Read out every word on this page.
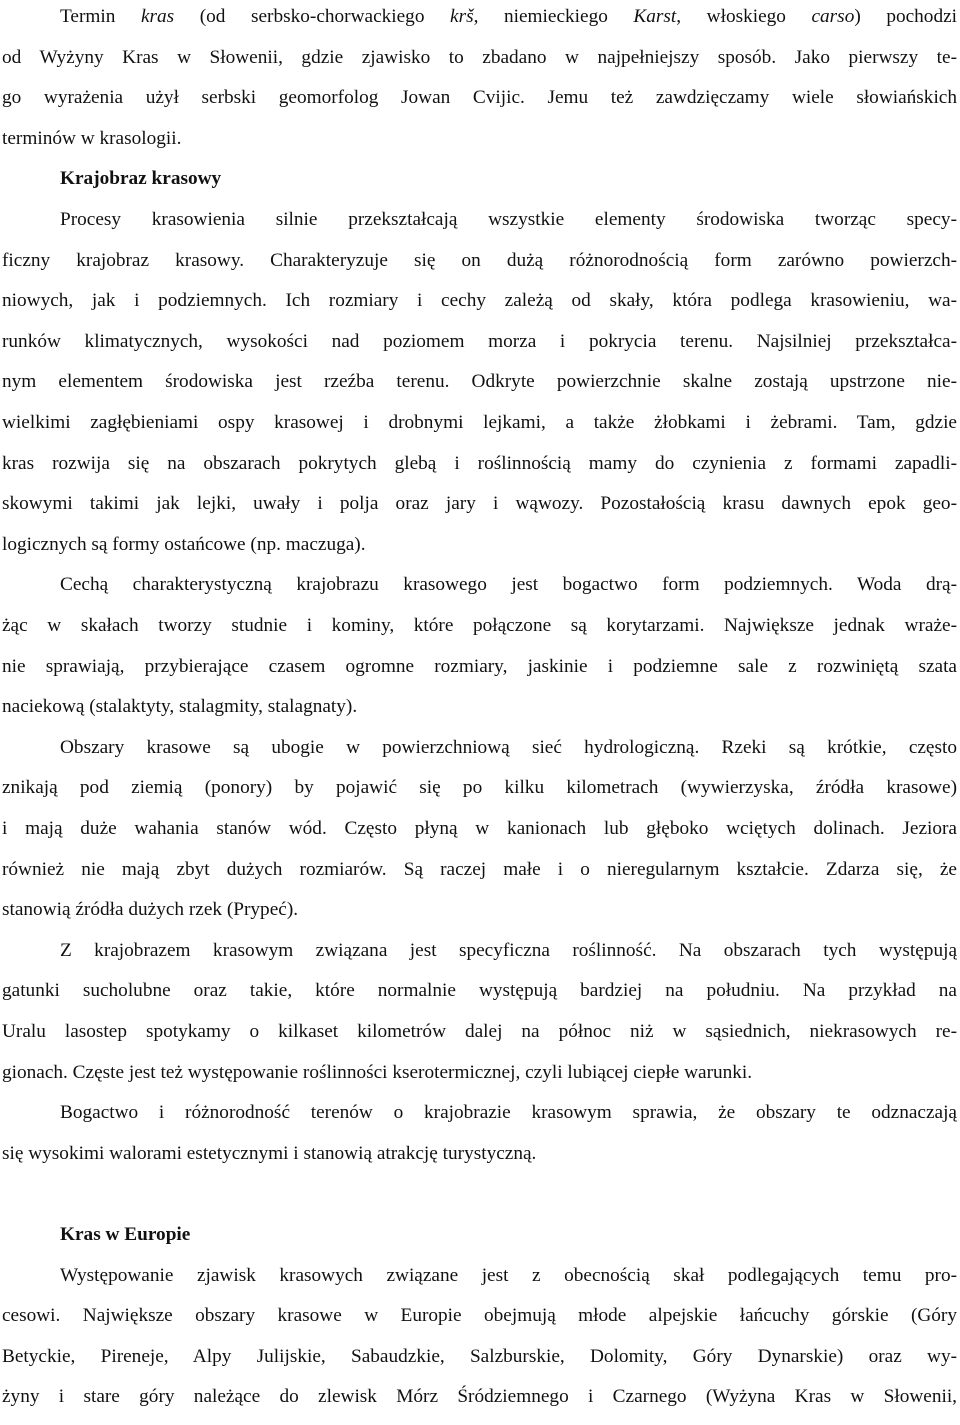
Termin kras (od serbsko-chorwackiego krš, niemieckiego Karst, włoskiego carso) pochodzi
od Wyżyny Kras w Słowenii, gdzie zjawisko to zbadano w najpełniejszy sposób. Jako pierwszy te-
go wyrażenia użył serbski geomorfolog Jowan Cvijic. Jemu też zawdzięczamy wiele słowiańskich
terminów w krasologii.
Krajobraz krasowy
Procesy krasowienia silnie przekształcają wszystkie elementy środowiska tworząc specy-
ficzny krajobraz krasowy. Charakteryzuje się on dużą różnorodnością form zarówno powierzch-
niowych, jak i podziemnych. Ich rozmiary i cechy zależą od skały, która podlega krasowieniu, wa-
runków klimatycznych, wysokości nad poziomem morza i pokrycia terenu. Najsilniej przekształca-
nym elementem środowiska jest rzeźba terenu. Odkryte powierzchnie skalne zostają upstrzone nie-
wielkimi zagłębieniami ospy krasowej i drobnymi lejkami, a także żłobkami i żebrami. Tam, gdzie
kras rozwija się na obszarach pokrytych glebą i roślinnością mamy do czynienia z formami zapadli-
skowymi takimi jak lejki, uwały i polja oraz jary i wąwozy. Pozostałością krasu dawnych epok geo-
logicznych są formy ostańcowe (np. maczuga).
Cechą charakterystyczną krajobrazu krasowego jest bogactwo form podziemnych. Woda drą-
żąc w skałach tworzy studnie i kominy, które połączone są korytarzami. Największe jednak wraże-
nie sprawiają, przybierające czasem ogromne rozmiary, jaskinie i podziemne sale z rozwiniętą szata
naciekową (stalaktyty, stalagmity, stalagnaty).
Obszary krasowe są ubogie w powierzchniową sieć hydrologiczną. Rzeki są krótkie, często
znikają pod ziemią (ponory) by pojawić się po kilku kilometrach (wywierzyska, źródła krasowe)
i mają duże wahania stanów wód. Często płyną w kanionach lub głęboko wciętych dolinach. Jeziora
również nie mają zbyt dużych rozmiarów. Są raczej małe i o nieregularnym kształcie. Zdarza się, że
stanowią źródła dużych rzek (Prypeć).
Z krajobrazem krasowym związana jest specyficzna roślinność. Na obszarach tych występują
gatunki sucholubne oraz takie, które normalnie występują bardziej na południu. Na przykład na
Uralu lasostep spotykamy o kilkaset kilometrów dalej na północ niż w sąsiednich, niekrasowych re-
gionach. Częste jest też występowanie roślinności kserotermicznej, czyli lubiącej ciepłe warunki.
Bogactwo i różnorodność terenów o krajobrazie krasowym sprawia, że obszary te odznaczają
się wysokimi walorami estetycznymi i stanowią atrakcję turystyczną.
Kras w Europie
Występowanie zjawisk krasowych związane jest z obecnością skał podlegających temu pro-
cesowi. Największe obszary krasowe w Europie obejmują młode alpejskie łańcuchy górskie (Góry
Betyckie, Pireneje, Alpy Julijskie, Sabaudzkie, Salzburskie, Dolomity, Góry Dynarskie) oraz wy-
żyny i stare góry należące do zlewisk Mórz Śródziemnego i Czarnego (Wyżyna Kras w Słowenii,
